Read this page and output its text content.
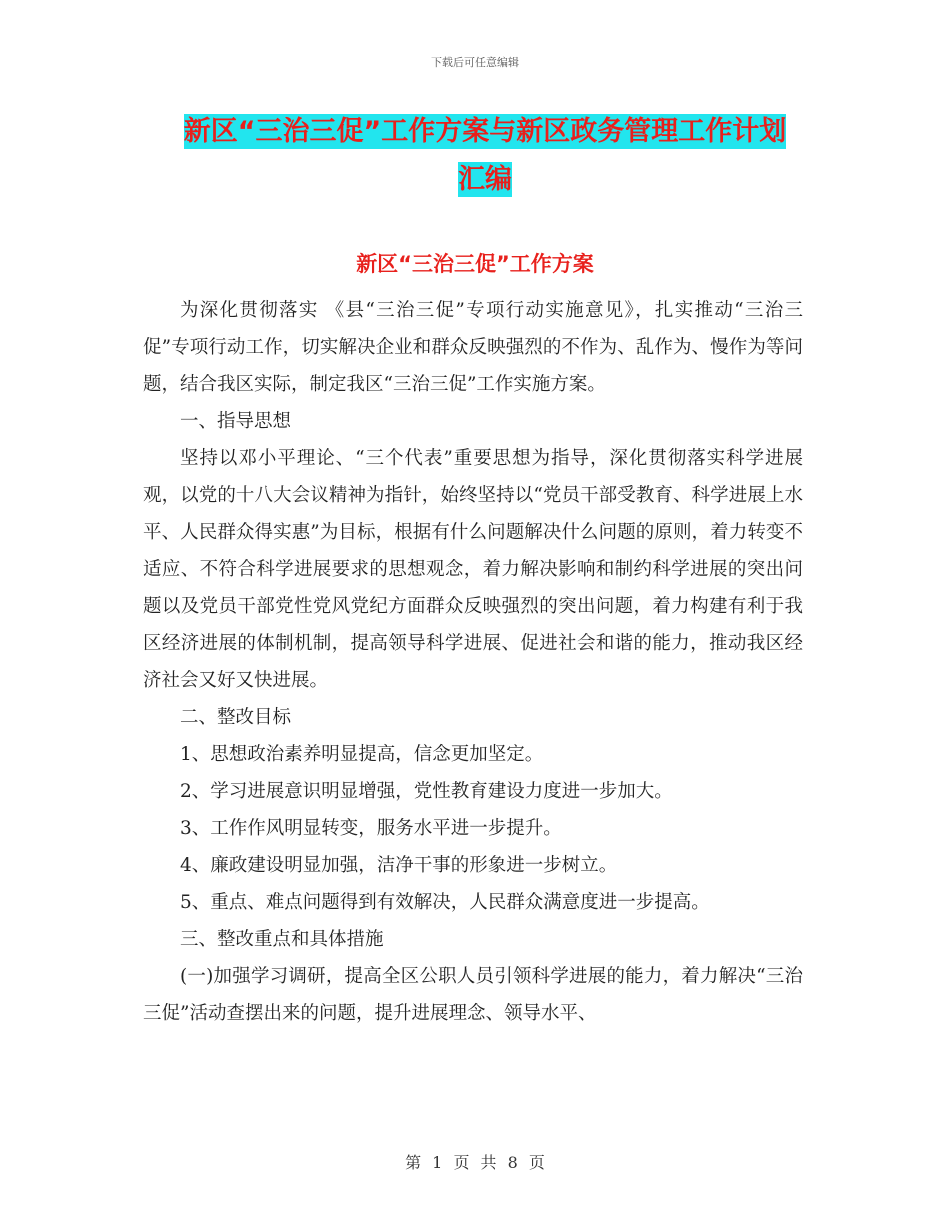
下载后可任意编辑
新区“三治三促”工作方案与新区政务管理工作计划
汇编
新区“三治三促”工作方案

为深化贯彻落实 《县“三治三促”专项行动实施意见》，扎实推动“三治三促”专项行动工作，切实解决企业和群众反映强烈的不作为、乱作为、慢作为等问题，结合我区实际，制定我区“三治三促”工作实施方案。

一、指导思想

坚持以邓小平理论、“三个代表”重要思想为指导，深化贯彻落实科学进展观，以党的十八大会议精神为指针，始终坚持以“党员干部受教育、科学进展上水平、人民群众得实惠”为目标，根据有什么问题解决什么问题的原则，着力转变不适应、不符合科学进展要求的思想观念，着力解决影响和制约科学进展的突出问题以及党员干部党性党风党纪方面群众反映强烈的突出问题，着力构建有利于我区经济进展的体制机制，提高领导科学进展、促进社会和谐的能力，推动我区经济社会又好又快进展。

二、整改目标

1、思想政治素养明显提高，信念更加坚定。

2、学习进展意识明显增强，党性教育建设力度进一步加大。

3、工作作风明显转变，服务水平进一步提升。

4、廉政建设明显加强，洁净干事的形象进一步树立。

5、重点、难点问题得到有效解决，人民群众满意度进一步提高。

三、整改重点和具体措施

(一)加强学习调研，提高全区公职人员引领科学进展的能力，着力解决“三治三促”活动查摆出来的问题，提升进展理念、领导水平、

第 1 页 共 8 页
